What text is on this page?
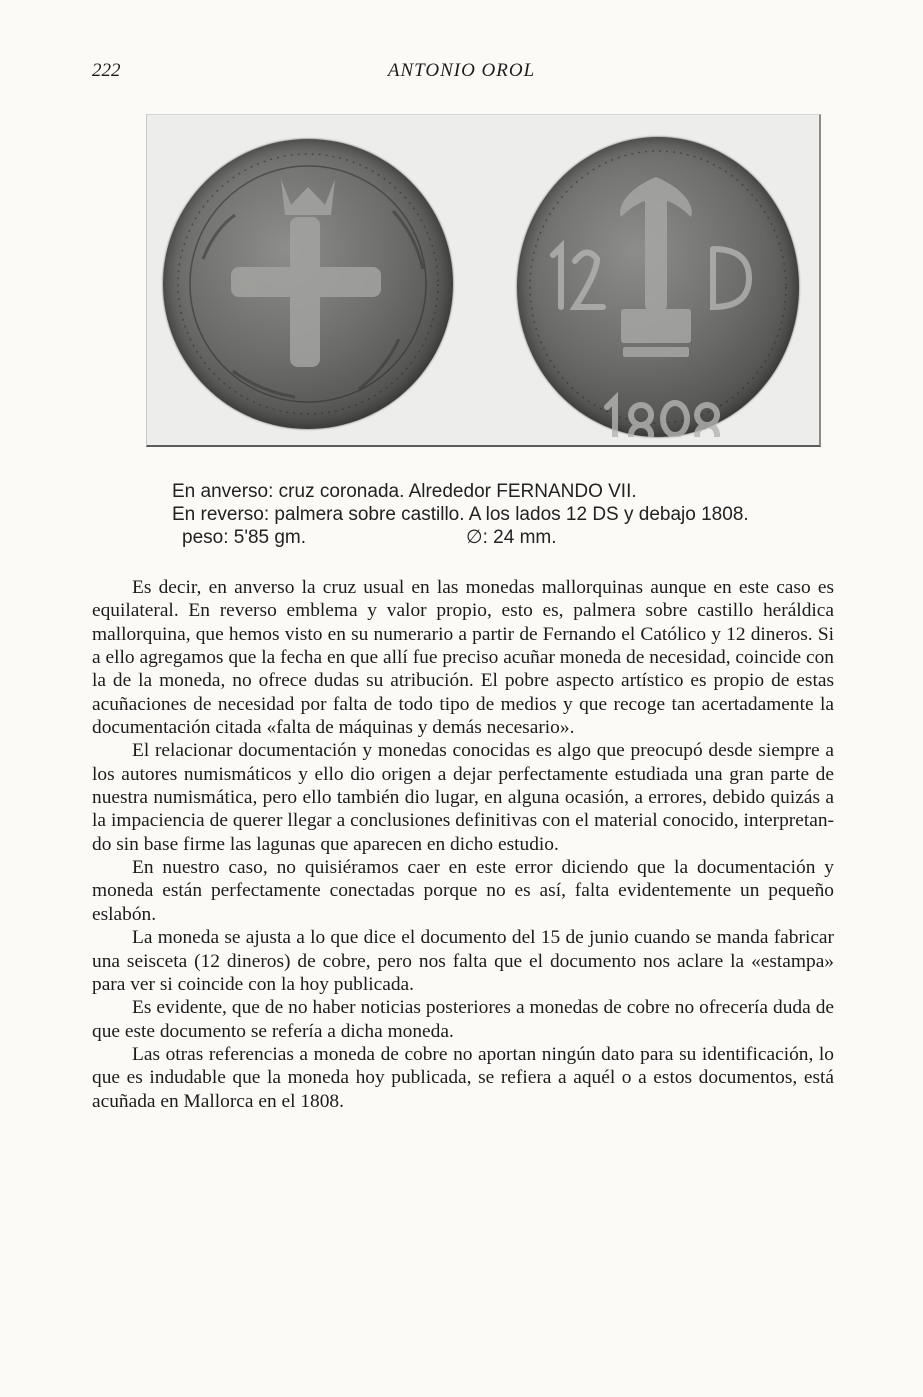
222	ANTONIO OROL
En anverso: cruz coronada. Alrededor FERNANDO VII.
En reverso: palmera sobre castillo. A los lados 12 DS y debajo 1808.
peso: 5'85 gm.	∅: 24 mm.

Es decir, en anverso la cruz usual en las monedas mallorquinas aunque en este caso es equilateral. En reverso emblema y valor propio, esto es, palmera sobre castillo heráldica mallorquina, que hemos visto en su numerario a partir de Fernando el Católico y 12 dineros. Si a ello agregamos que la fecha en que allí fue preciso acuñar moneda de necesidad, coincide con la de la moneda, no ofrece dudas su atribución. El pobre aspecto artístico es propio de estas acuñaciones de necesidad por falta de todo tipo de medios y que recoge tan acertadamente la documentación citada «falta de máquinas y demás necesario».

El relacionar documentación y monedas conocidas es algo que preocupó desde siempre a los autores numismáticos y ello dio origen a dejar perfectamente estudiada una gran parte de nuestra numismática, pero ello también dio lugar, en alguna ocasión, a errores, debido quizás a la impaciencia de querer llegar a conclusiones definitivas con el material conocido, interpretando sin base firme las lagunas que aparecen en dicho estudio.

En nuestro caso, no quisiéramos caer en este error diciendo que la documentación y moneda están perfectamente conectadas porque no es así, falta evidentemente un pequeño eslabón.

La moneda se ajusta a lo que dice el documento del 15 de junio cuando se manda fabricar una seisceta (12 dineros) de cobre, pero nos falta que el documento nos aclare la «estampa» para ver si coincide con la hoy publicada.

Es evidente, que de no haber noticias posteriores a monedas de cobre no ofrecería duda de que este documento se refería a dicha moneda.

Las otras referencias a moneda de cobre no aportan ningún dato para su identificación, lo que es indudable que la moneda hoy publicada, se refiera a aquél o a estos documentos, está acuñada en Mallorca en el 1808.
